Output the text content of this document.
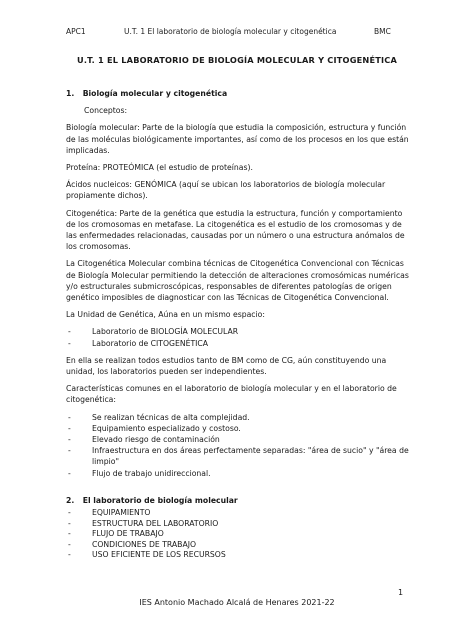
APC1	U.T. 1 El laboratorio de biología molecular y citogenética	BMC
U.T. 1 EL LABORATORIO DE BIOLOGÍA MOLECULAR Y CITOGENÉTICA
1. Biología molecular y citogenética

Conceptos:

Biología molecular: Parte de la biología que estudia la composición, estructura y función de las moléculas biológicamente importantes, así como de los procesos en los que están implicadas.

Proteína: PROTEÓMICA (el estudio de proteínas).

Ácidos nucleicos: GENÓMICA (aquí se ubican los laboratorios de biología molecular propiamente dichos).

Citogenética: Parte de la genética que estudia la estructura, función y comportamiento de los cromosomas en metafase. La citogenética es el estudio de los cromosomas y de las enfermedades relacionadas, causadas por un número o una estructura anómalos de los cromosomas.

La Citogenética Molecular combina técnicas de Citogenética Convencional con Técnicas de Biología Molecular permitiendo la detección de alteraciones cromosómicas numéricas y/o estructurales submicroscópicas, responsables de diferentes patologías de origen genético imposibles de diagnosticar con las Técnicas de Citogenética Convencional.

La Unidad de Genética, Aúna en un mismo espacio:

- Laboratorio de BIOLOGÍA MOLECULAR
- Laboratorio de CITOGENÉTICA

En ella se realizan todos estudios tanto de BM como de CG, aún constituyendo una unidad, los laboratorios pueden ser independientes.

Características comunes en el laboratorio de biología molecular y en el laboratorio de citogenética:

- Se realizan técnicas de alta complejidad.
- Equipamiento especializado y costoso.
- Elevado riesgo de contaminación
- Infraestructura en dos áreas perfectamente separadas: "área de sucio" y "área de limpio"
- Flujo de trabajo unidireccional.
2. El laboratorio de biología molecular
- EQUIPAMIENTO
- ESTRUCTURA DEL LABORATORIO
- FLUJO DE TRABAJO
- CONDICIONES DE TRABAJO
- USO EFICIENTE DE LOS RECURSOS
1
IES Antonio Machado Alcalá de Henares 2021-22
